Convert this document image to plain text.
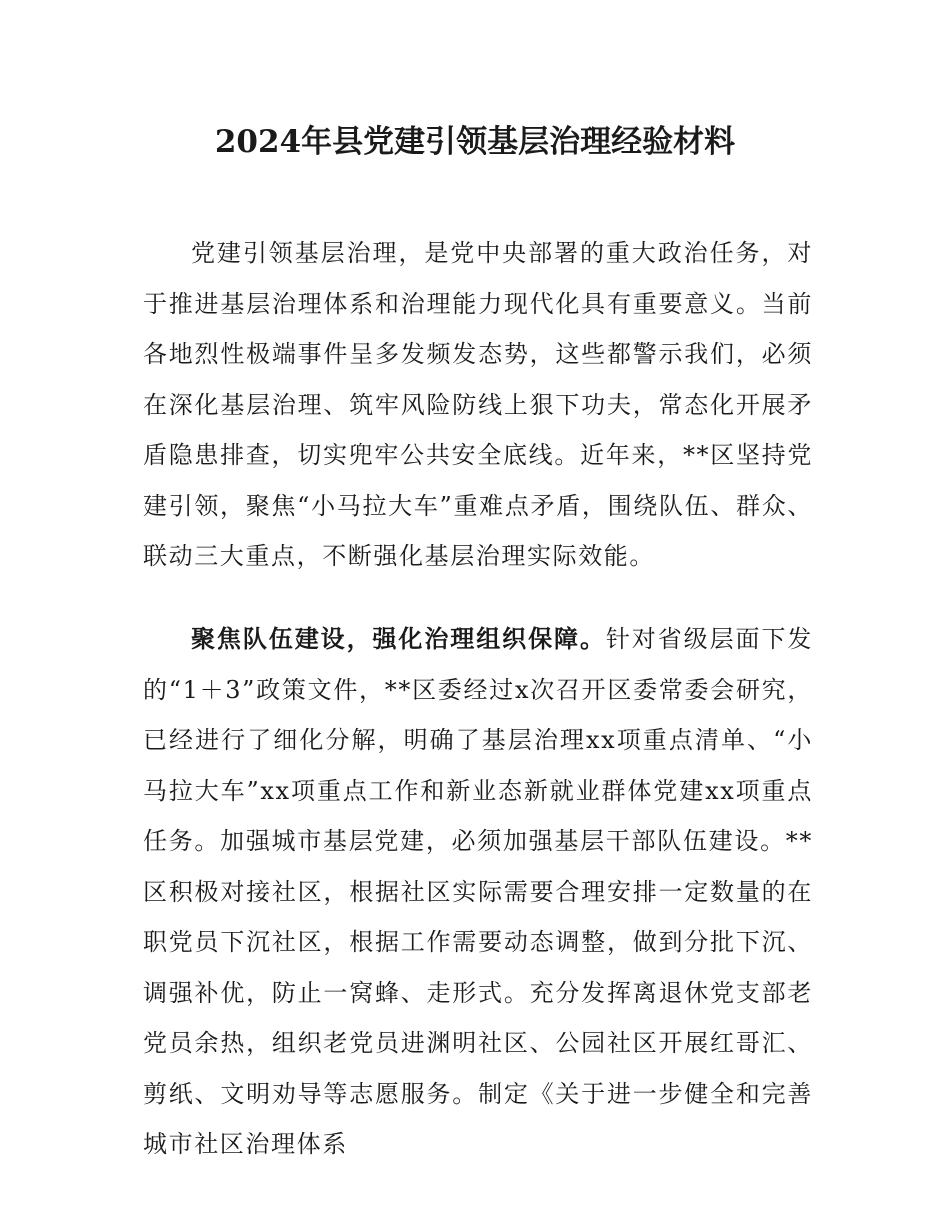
2024年县党建引领基层治理经验材料

党建引领基层治理，是党中央部署的重大政治任务，对于推进基层治理体系和治理能力现代化具有重要意义。当前各地烈性极端事件呈多发频发态势，这些都警示我们，必须在深化基层治理、筑牢风险防线上狠下功夫，常态化开展矛盾隐患排查，切实兜牢公共安全底线。近年来，**区坚持党建引领，聚焦“小马拉大车”重难点矛盾，围绕队伍、群众、联动三大重点，不断强化基层治理实际效能。

聚焦队伍建设，强化治理组织保障。针对省级层面下发的“1＋3”政策文件，**区委经过x次召开区委常委会研究，已经进行了细化分解，明确了基层治理xx项重点清单、“小马拉大车”xx项重点工作和新业态新就业群体党建xx项重点任务。加强城市基层党建，必须加强基层干部队伍建设。**区积极对接社区，根据社区实际需要合理安排一定数量的在职党员下沉社区，根据工作需要动态调整，做到分批下沉、调强补优，防止一窝蜂、走形式。充分发挥离退休党支部老党员余热，组织老党员进渊明社区、公园社区开展红哥汇、剪纸、文明劝导等志愿服务。制定《关于进一步健全和完善城市社区治理体系
